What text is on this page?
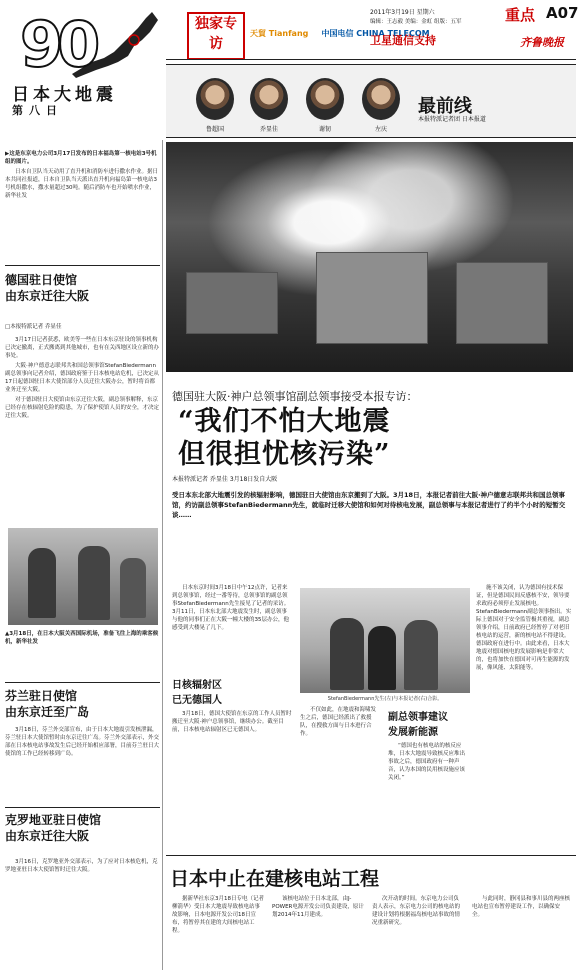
90
日本大地震
第八日
独家专访
天貿 Tianfang 中国电信 CHINA TELECOM
卫星通信支持
2011年3月19日 星期六
编辑：王志毅 美编：金虹 组版：五军	重点 A07
齐鲁晚报
鲁超国	乔显佳	谢韧	左庆
最前线
本报特派记者团 日本报道
▶这是东京电力公司3月17日发布的日本福岛第一核电站3号机组的图片。
日本自卫队当天动用了直升机和消防车进行撒水作业。据日本共同社报道，日本自卫队当天派出直升机向福岛第一核电站3号机组撒水，撒水量超过30吨。随后消防车也开始喷水作业，新华社发
德国驻日使馆
由东京迁往大阪
□本报特派记者 乔显佳

3月17日记者获悉，欧美等一些在日本东京驻设的领事机构已决定撤离，正式搬离到其他城市，也有在关西地区设立新的办事处。

大阪·神户德意志联邦共和国总领事馆StefanBiedermann副总领事向记者介绍，德国政府鉴于日本核电站危机，已决定从17日起德国驻日本大使馆部分人员迁往大阪办公，暂时将首都业务迁至大阪。

对于德国驻日大使馆由东京迁往大阪，副总领事解释，东京已经存在核辐射危险的隐患，为了保护使馆人员的安全，才决定迁往大阪。

▲3月18日，在日本大阪关西国际机场，准备飞往上海的乘客候机，新华社发
芬兰驻日使馆
由东京迁至广岛
3月18日，芬兰外交部宣布，由于日本大地震引发核泄漏，芬兰驻日本大使馆暂时由东京迁往广岛。芬兰外交部表示，外交部在日本核电站事故发生后已经开始相应部署，目前芬兰驻日大使馆的工作已经转移到广岛。
克罗地亚驻日使馆
由东京迁往大阪
3月16日，克罗地亚外交部表示，为了应对日本核危机，克罗地亚驻日本大使馆暂时迁往大阪。
德国驻大阪·神户总领事馆副总领事接受本报专访：
“我们不怕大地震
但很担忧核污染”
本报特派记者 乔显佳 3月18日发自大阪
受日本东北部大地震引发的核辐射影响，德国驻日大使馆由东京搬到了大阪。3月18日，本报记者前往大阪·神户德意志联邦共和国总领事馆，约访副总领事StefanBiedermann先生，就临时迁移大使馆和如何对待核电发展，副总领事与本报记者进行了约半个小时的短暂交谈……
日本东京时间3月18日中午12点许，记者来到总领事馆，经过一番等待，总领事馆的副总领事StefanBiedermann先生接见了记者的采访。3月11日，日本东北部大地震发生时，副总领事与他的同事们正在大阪一幢大楼的35层办公，他感受到大楼晃了几下。
日核辐射区
已无德国人
3月18日，德国大使馆在东京的工作人员暂时搬迁至大阪·神户总领事馆，继续办公。截至目前，日本核电站辐射区已无德国人。
StefanBiedermann先生(左)与本报记者(右)合影。
不仅如此，在地震和海啸发生之后，德国已经派出了救援队，在搜救方面与日本进行合作。
副总领事建议
发展新能源
“德国也有核电站的核反应堆，日本大地震导致核反应堆出事故之后，德国政府有一种声音，认为本国的民用核设施应该关闭。”
施不该关闭，认为德国有技术保证，但是德国民间反感核不安，领导要求政府必须停止发展核电。StefanBiedermann副总领事指出。实际上德国对于安全监管极其重视，副总领事介绍，日前政府已经暂停了对老旧核电站的运营，新的核电站不得建设。德国政府在进行中。由此来看，日本大地震对德国核电的发展影响是非常大的，也将加快在德国对可再生能源的发展，像风能、太阳能等。
日本中止在建核电站工程
据新华社东京3月18日专电（记者 柳箭华）受日本大地震导致核电站事故影响，日本电源开发公司18日宣布，将暂停其在建的大间核电站工程。
该核电站位于日本北部，由J-POWER电源开发公司负责建设，原计划2014年11月建成。
次开动的时间。东京电力公司负责人表示，东京电力公司的核电站的建设计划将根据福岛核电站事故的情况重新研究。
与此同时，静冈县和事川县的两座核电站也宣布暂停建设工作，以确保安全。
